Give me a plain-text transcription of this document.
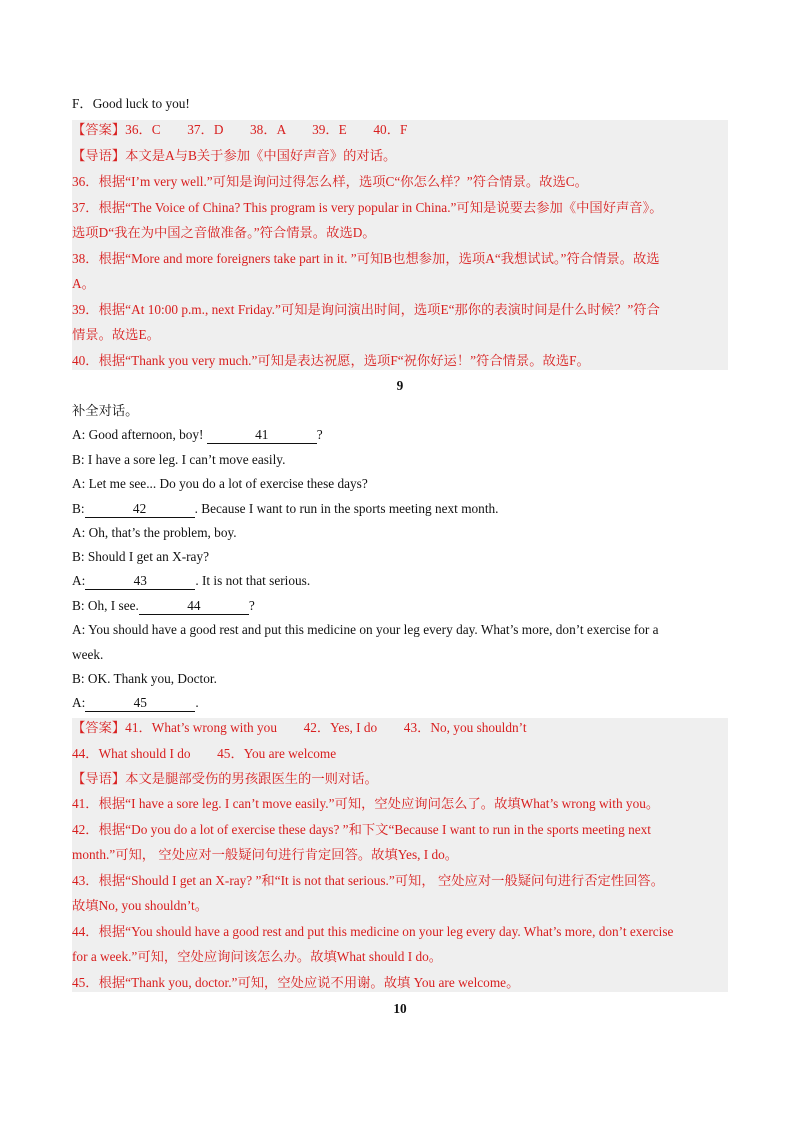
F．Good luck to you!
【答案】36．C　　37．D　　38．A　　39．E　　40．F
【导语】本文是A与B关于参加《中国好声音》的对话。
36．根据“I’m very well.”可知是询问过得怎么样，选项C“你怎么样？”符合情景。故选C。
37．根据“The Voice of China? This program is very popular in China.”可知是说要去参加《中国好声音》。
选项D“我在为中国之音做准备。”符合情景。故选D。
38．根据“More and more foreigners take part in it. ”可知B也想参加，选项A“我想试试。”符合情景。故选
A。
39．根据“At 10:00 p.m., next Friday.”可知是询问演出时间，选项E“那你的表演时间是什么时候？”符合
情景。故选E。
40．根据“Thank you very much.”可知是表达祝愿，选项F“祝你好运！”符合情景。故选F。
9
补全对话。
A: Good afternoon, boy!	41	?
B: I have a sore leg. I can’t move easily.
A: Let me see... Do you do a lot of exercise these days?
B:	42	. Because I want to run in the sports meeting next month.
A: Oh, that’s the problem, boy.
B: Should I get an X-ray?
A:	43	. It is not that serious.
B: Oh, I see.	44	?
A: You should have a good rest and put this medicine on your leg every day. What’s more, don’t exercise for a
week.
B: OK. Thank you, Doctor.
A:	45	.
【答案】41．What’s wrong with you　　42．Yes, I do　　43．No, you shouldn’t
44．What should I do　　45．You are welcome
【导语】本文是腿部受伤的男孩跟医生的一则对话。
41．根据“I have a sore leg. I can’t move easily.”可知，空处应询问怎么了。故填What’s wrong with you。
42．根据“Do you do a lot of exercise these days? ”和下文“Because I want to run in the sports meeting next
month.”可知， 空处应对一般疑问句进行肯定回答。故填Yes, I do。
43．根据“Should I get an X-ray? ”和“It is not that serious.”可知， 空处应对一般疑问句进行否定性回答。
故填No, you shouldn’t。
44．根据“You should have a good rest and put this medicine on your leg every day. What’s more, don’t exercise
for a week.”可知，空处应询问该怎么办。故填What should I do。
45．根据“Thank you, doctor.”可知，空处应说不用谢。故填 You are welcome。
10
